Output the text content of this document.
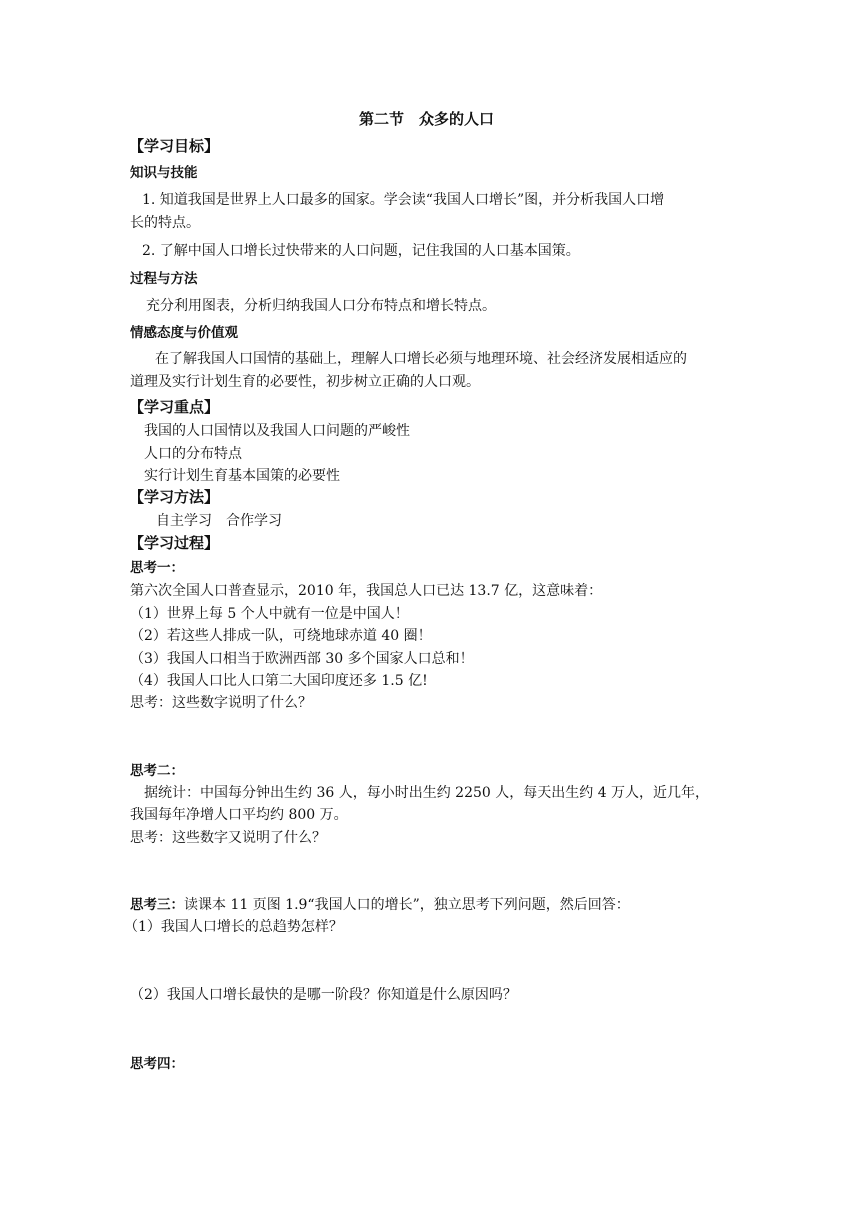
第二节　众多的人口
【学习目标】
知识与技能
1. 知道我国是世界上人口最多的国家。学会读“我国人口增长”图，并分析我国人口增
长的特点。
2. 了解中国人口增长过快带来的人口问题，记住我国的人口基本国策。
过程与方法
充分利用图表，分析归纳我国人口分布特点和增长特点。
情感态度与价值观
在了解我国人口国情的基础上，理解人口增长必须与地理环境、社会经济发展相适应的
道理及实行计划生育的必要性，初步树立正确的人口观。
【学习重点】
我国的人口国情以及我国人口问题的严峻性
人口的分布特点
实行计划生育基本国策的必要性
【学习方法】
自主学习　合作学习
【学习过程】
思考一：
第六次全国人口普查显示，2010 年，我国总人口已达 13.7 亿，这意味着：
（1）世界上每 5 个人中就有一位是中国人！
（2）若这些人排成一队，可绕地球赤道 40 圈！
（3）我国人口相当于欧洲西部 30 多个国家人口总和！
（4）我国人口比人口第二大国印度还多 1.5 亿!
思考：这些数字说明了什么？
思考二：
据统计：中国每分钟出生约 36 人，每小时出生约 2250 人，每天出生约 4 万人，近几年，
我国每年净增人口平均约 800 万。
思考：这些数字又说明了什么？
思考三：读课本 11 页图 1.9“我国人口的增长”，独立思考下列问题，然后回答：
（1）我国人口增长的总趋势怎样？
（2）我国人口增长最快的是哪一阶段？你知道是什么原因吗？
思考四：
